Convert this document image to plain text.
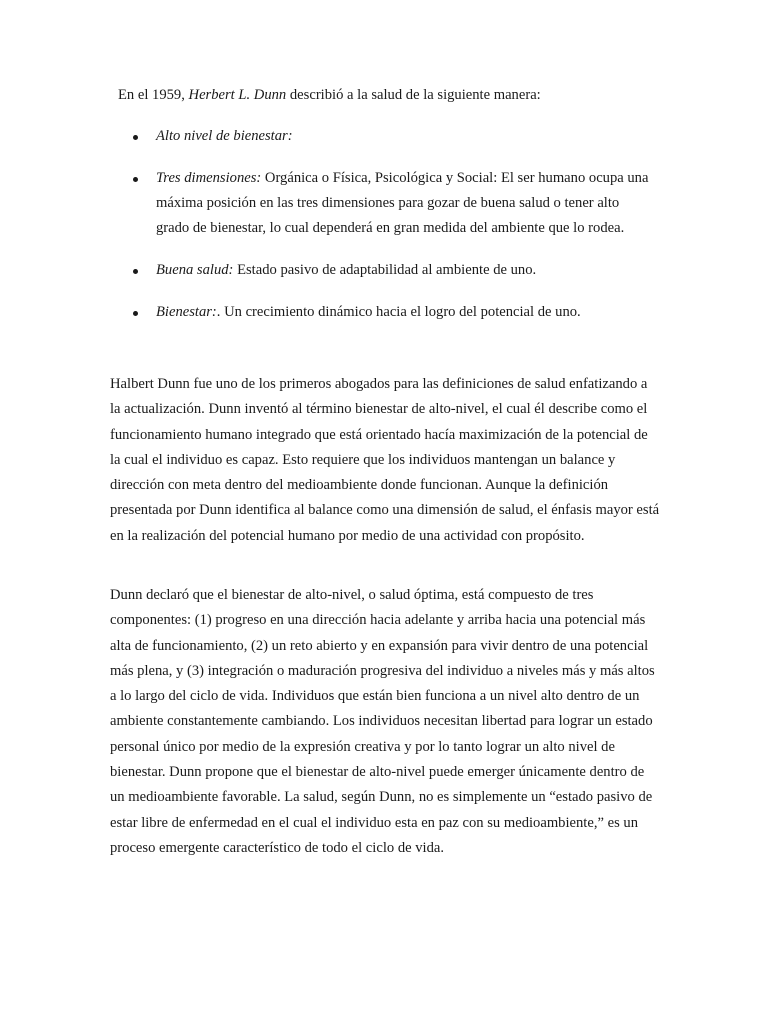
En el 1959, Herbert L. Dunn describió a la salud de la siguiente manera:
Alto nivel de bienestar:
Tres dimensiones: Orgánica o Física, Psicológica y Social: El ser humano ocupa una máxima posición en las tres dimensiones para gozar de buena salud o tener alto grado de bienestar, lo cual dependerá en gran medida del ambiente que lo rodea.
Buena salud: Estado pasivo de adaptabilidad al ambiente de uno.
Bienestar:. Un crecimiento dinámico hacia el logro del potencial de uno.

Halbert Dunn fue uno de los primeros abogados para las definiciones de salud enfatizando a la actualización. Dunn inventó al término bienestar de alto-nivel, el cual él describe como el funcionamiento humano integrado que está orientado hacía maximización de la potencial de la cual el individuo es capaz. Esto requiere que los individuos mantengan un balance y dirección con meta dentro del medioambiente donde funcionan. Aunque la definición presentada por Dunn identifica al balance como una dimensión de salud, el énfasis mayor está en la realización del potencial humano por medio de una actividad con propósito.

Dunn declaró que el bienestar de alto-nivel, o salud óptima, está compuesto de tres componentes: (1) progreso en una dirección hacia adelante y arriba hacia una potencial más alta de funcionamiento, (2) un reto abierto y en expansión para vivir dentro de una potencial más plena, y (3) integración o maduración progresiva del individuo a niveles más y más altos a lo largo del ciclo de vida. Individuos que están bien funciona a un nivel alto dentro de un ambiente constantemente cambiando. Los individuos necesitan libertad para lograr un estado personal único por medio de la expresión creativa y por lo tanto lograr un alto nivel de bienestar. Dunn propone que el bienestar de alto-nivel puede emerger únicamente dentro de un medioambiente favorable. La salud, según Dunn, no es simplemente un “estado pasivo de estar libre de enfermedad en el cual el individuo esta en paz con su medioambiente,” es un proceso emergente característico de todo el ciclo de vida.
